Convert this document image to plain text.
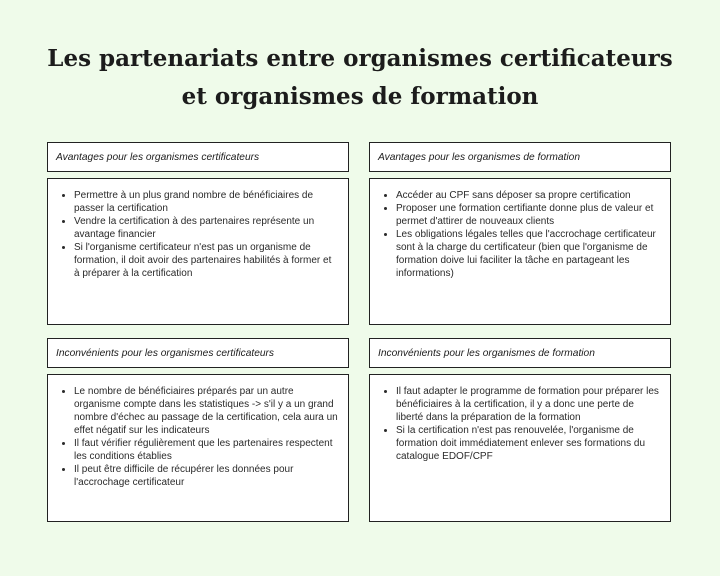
Les partenariats entre organismes certificateurs et organismes de formation
Avantages pour les organismes certificateurs
• Permettre à un plus grand nombre de bénéficiaires de passer la certification
• Vendre la certification à des partenaires représente un avantage financier
• Si l'organisme certificateur n'est pas un organisme de formation, il doit avoir des partenaires habilités à former et à préparer à la certification
Avantages pour les organismes de formation
• Accéder au CPF sans déposer sa propre certification
• Proposer une formation certifiante donne plus de valeur et permet d'attirer de nouveaux clients
• Les obligations légales telles que l'accrochage certificateur sont à la charge du certificateur (bien que l'organisme de formation doive lui faciliter la tâche en partageant les informations)
Inconvénients pour les organismes certificateurs
• Le nombre de bénéficiaires préparés par un autre organisme compte dans les statistiques -> s'il y a un grand nombre d'échec au passage de la certification, cela aura un effet négatif sur les indicateurs
• Il faut vérifier régulièrement que les partenaires respectent les conditions établies
• Il peut être difficile de récupérer les données pour l'accrochage certificateur
Inconvénients pour les organismes de formation
• Il faut adapter le programme de formation pour préparer les bénéficiaires à la certification, il y a donc une perte de liberté dans la préparation de la formation
• Si la certification n'est pas renouvelée, l'organisme de formation doit immédiatement enlever ses formations du catalogue EDOF/CPF
